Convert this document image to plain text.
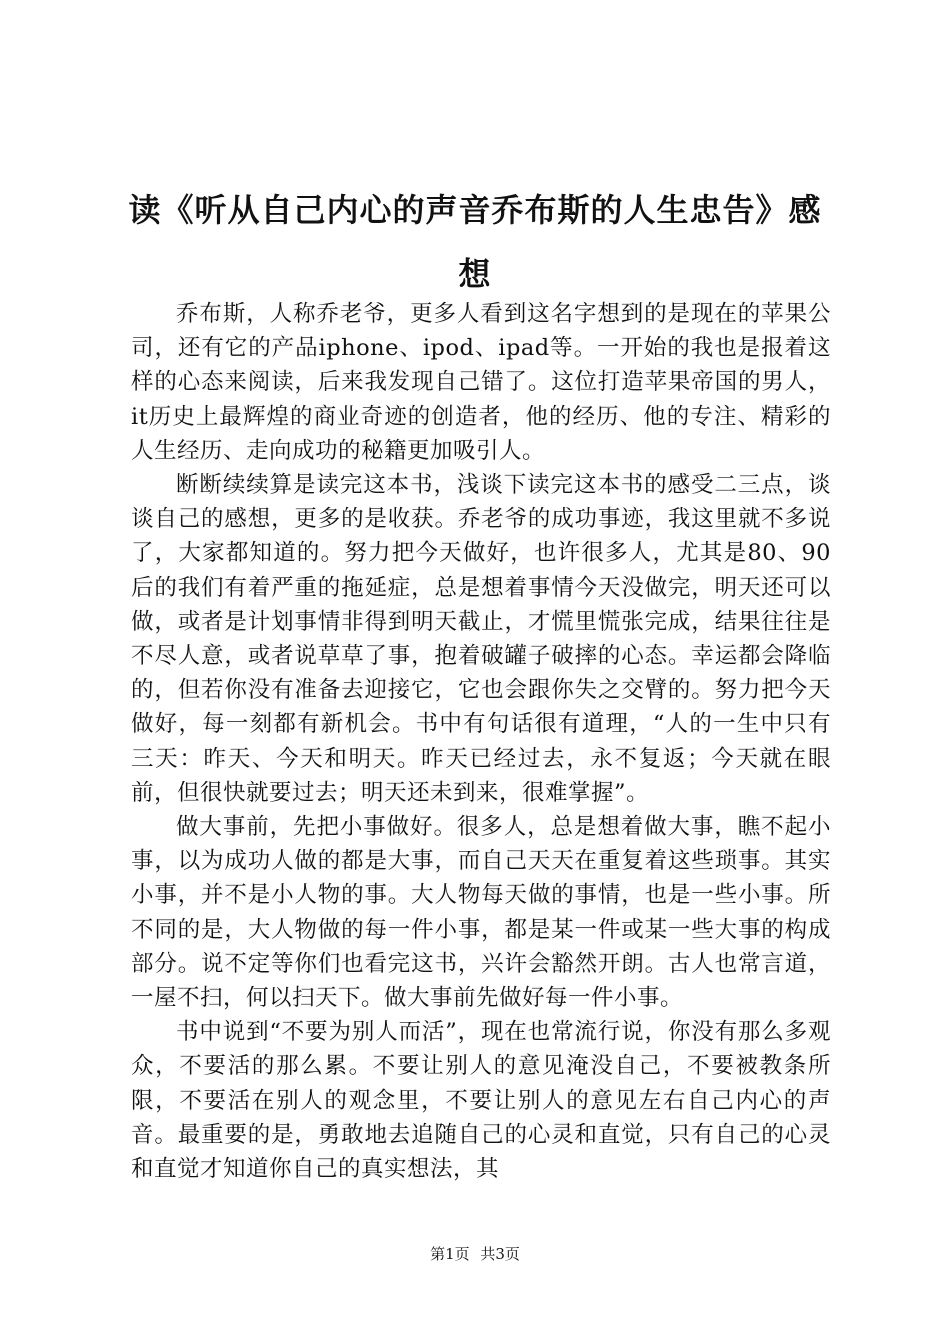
读《听从自己内心的声音乔布斯的人生忠告》感想

乔布斯，人称乔老爷，更多人看到这名字想到的是现在的苹果公司，还有它的产品iphone、ipod、ipad等。一开始的我也是报着这样的心态来阅读，后来我发现自己错了。这位打造苹果帝国的男人，it历史上最辉煌的商业奇迹的创造者，他的经历、他的专注、精彩的人生经历、走向成功的秘籍更加吸引人。

断断续续算是读完这本书，浅谈下读完这本书的感受二三点，谈谈自己的感想，更多的是收获。乔老爷的成功事迹，我这里就不多说了，大家都知道的。努力把今天做好，也许很多人，尤其是80、90后的我们有着严重的拖延症，总是想着事情今天没做完，明天还可以做，或者是计划事情非得到明天截止，才慌里慌张完成，结果往往是不尽人意，或者说草草了事，抱着破罐子破摔的心态。幸运都会降临的，但若你没有准备去迎接它，它也会跟你失之交臂的。努力把今天做好，每一刻都有新机会。书中有句话很有道理，“人的一生中只有三天：昨天、今天和明天。昨天已经过去，永不复返；今天就在眼前，但很快就要过去；明天还未到来，很难掌握”。

做大事前，先把小事做好。很多人，总是想着做大事，瞧不起小事，以为成功人做的都是大事，而自己天天在重复着这些琐事。其实小事，并不是小人物的事。大人物每天做的事情，也是一些小事。所不同的是，大人物做的每一件小事，都是某一件或某一些大事的构成部分。说不定等你们也看完这书，兴许会豁然开朗。古人也常言道，一屋不扫，何以扫天下。做大事前先做好每一件小事。

书中说到“不要为别人而活”，现在也常流行说，你没有那么多观众，不要活的那么累。不要让别人的意见淹没自己，不要被教条所限，不要活在别人的观念里，不要让别人的意见左右自己内心的声音。最重要的是，勇敢地去追随自己的心灵和直觉，只有自己的心灵和直觉才知道你自己的真实想法，其

第1页 共3页
